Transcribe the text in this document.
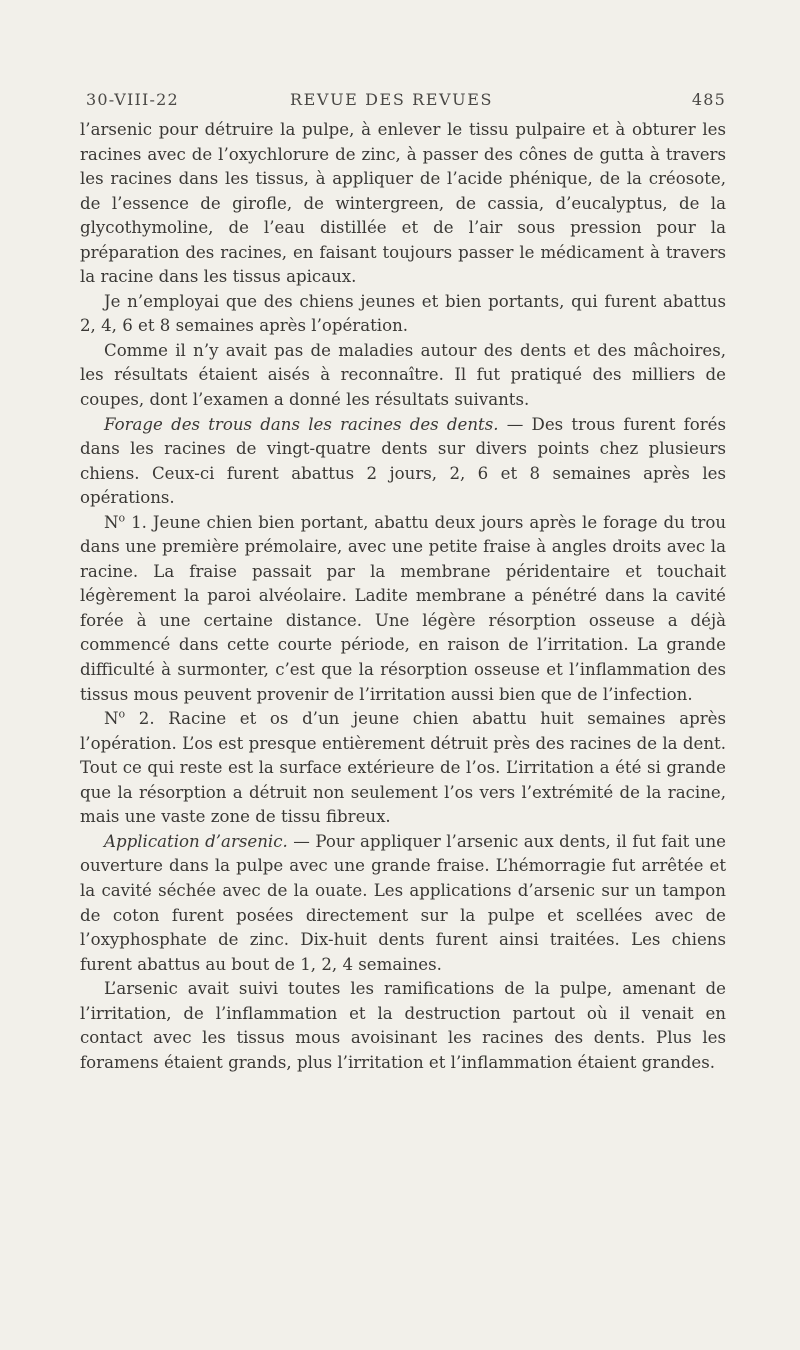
30-VIII-22	REVUE DES REVUES	485

l’arsenic pour détruire la pulpe, à enlever le tissu pulpaire et à obturer les racines avec de l’oxychlorure de zinc, à passer des cônes de gutta à travers les racines dans les tissus, à appliquer de l’acide phénique, de la créosote, de l’essence de girofle, de wintergreen, de cassia, d’eucalyptus, de la glycothymoline, de l’eau distillée et de l’air sous pression pour la préparation des racines, en faisant toujours passer le médicament à travers la racine dans les tissus apicaux.

Je n’employai que des chiens jeunes et bien portants, qui furent abattus 2, 4, 6 et 8 semaines après l’opération.

Comme il n’y avait pas de maladies autour des dents et des mâchoires, les résultats étaient aisés à reconnaître. Il fut pratiqué des milliers de coupes, dont l’examen a donné les résultats suivants.

Forage des trous dans les racines des dents. — Des trous furent forés dans les racines de vingt-quatre dents sur divers points chez plusieurs chiens. Ceux-ci furent abattus 2 jours, 2, 6 et 8 semaines après les opérations.

$N^o$ 1. Jeune chien bien portant, abattu deux jours après le forage du trou dans une première prémolaire, avec une petite fraise à angles droits avec la racine. La fraise passait par la membrane péridentaire et touchait légèrement la paroi alvéolaire. Ladite membrane a pénétré dans la cavité forée à une certaine distance. Une légère résorption osseuse a déjà commencé dans cette courte période, en raison de l’irritation. La grande difficulté à surmonter, c’est que la résorption osseuse et l’inflammation des tissus mous peuvent provenir de l’irritation aussi bien que de l’infection.

$N^o$ 2. Racine et os d’un jeune chien abattu huit semaines après l’opération. L’os est presque entièrement détruit près des racines de la dent. Tout ce qui reste est la surface extérieure de l’os. L’irritation a été si grande que la résorption a détruit non seulement l’os vers l’extrémité de la racine, mais une vaste zone de tissu fibreux.

Application d’arsenic. — Pour appliquer l’arsenic aux dents, il fut fait une ouverture dans la pulpe avec une grande fraise. L’hémorragie fut arrêtée et la cavité séchée avec de la ouate. Les applications d’arsenic sur un tampon de coton furent posées directement sur la pulpe et scellées avec de l’oxyphosphate de zinc. Dix-huit dents furent ainsi traitées. Les chiens furent abattus au bout de 1, 2, 4 semaines.

L’arsenic avait suivi toutes les ramifications de la pulpe, amenant de l’irritation, de l’inflammation et la destruction partout où il venait en contact avec les tissus mous avoisinant les racines des dents. Plus les foramens étaient grands, plus l’irritation et l’inflammation étaient grandes.
